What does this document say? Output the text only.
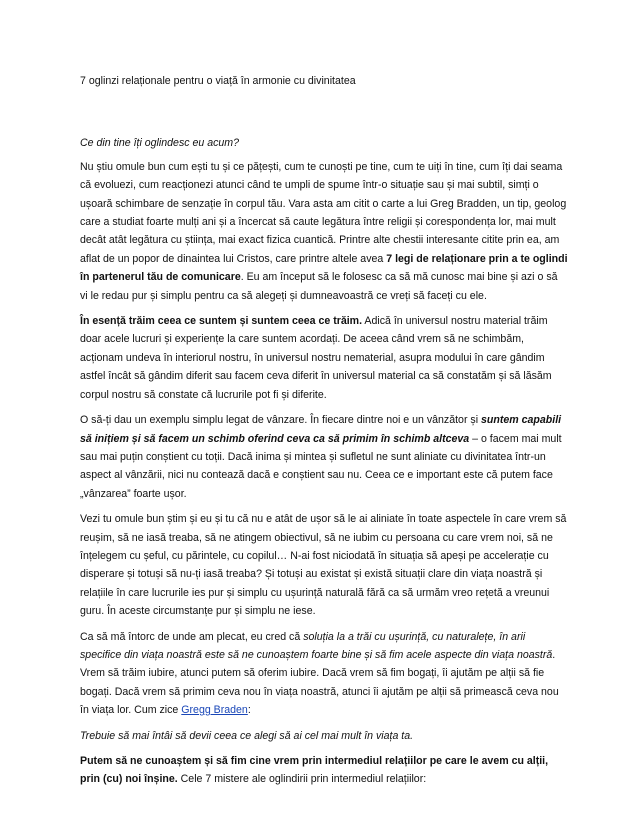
7 oglinzi relaționale pentru o viață în armonie cu divinitatea

Ce din tine îți oglindesc eu acum?

Nu știu omule bun cum ești tu și ce pățești, cum te cunoști pe tine, cum te uiți în tine, cum îți dai seama că evoluezi, cum reacționezi atunci când te umpli de spume într-o situație sau și mai subtil, simți o ușoară schimbare de senzație în corpul tău. Vara asta am citit o carte a lui Greg Bradden, un tip, geolog care a studiat foarte mulți ani și a încercat să caute legătura între religii și corespondența lor, mai mult decât atât legătura cu știința, mai exact fizica cuantică. Printre alte chestii interesante citite prin ea, am aflat de un popor de dinaintea lui Cristos, care printre altele avea 7 legi de relaționare prin a te oglindi în partenerul tău de comunicare. Eu am început să le folosesc ca să mă cunosc mai bine și azi o să vi le redau pur și simplu pentru ca să alegeți și dumneavoastră ce vreți să faceți cu ele.

În esență trăim ceea ce suntem și suntem ceea ce trăim. Adică în universul nostru material trăim doar acele lucruri și experiențe la care suntem acordați. De aceea când vrem să ne schimbăm, acționam undeva în interiorul nostru, în universul nostru nematerial, asupra modului în care gândim astfel încât să gândim diferit sau facem ceva diferit în universul material ca să constatăm și să lăsăm corpul nostru să constate că lucrurile pot fi și diferite.

O să-ți dau un exemplu simplu legat de vânzare. În fiecare dintre noi e un vânzător și suntem capabili să inițiem și să facem un schimb oferind ceva ca să primim în schimb altceva – o facem mai mult sau mai puțin conștient cu toții. Dacă inima și mintea și sufletul ne sunt aliniate cu divinitatea într-un aspect al vânzării, nici nu contează dacă e conștient sau nu. Ceea ce e important este că putem face „vânzarea” foarte ușor.

Vezi tu omule bun știm și eu și tu că nu e atât de ușor să le ai aliniate în toate aspectele în care vrem să reușim, să ne iasă treaba, să ne atingem obiectivul, să ne iubim cu persoana cu care vrem noi, să ne înțelegem cu șeful, cu părintele, cu copilul… N-ai fost niciodată în situația să apeși pe accelerație cu disperare și totuși să nu-ți iasă treaba? Și totuși au existat și există situații clare din viața noastră și relațiile în care lucrurile ies pur și simplu cu ușurință naturală fără ca să urmăm vreo rețetă a vreunui guru. În aceste circumstanțe pur și simplu ne iese.

Ca să mă întorc de unde am plecat, eu cred că soluția la a trăi cu ușurință, cu naturalețe, în arii specifice din viața noastră este să ne cunoaștem foarte bine și să fim acele aspecte din viața noastră. Vrem să trăim iubire, atunci putem să oferim iubire. Dacă vrem să fim bogați, îi ajutăm pe alții să fie bogați. Dacă vrem să primim ceva nou în viața noastră, atunci îi ajutăm pe alții să primească ceva nou în viața lor. Cum zice Gregg Braden:

Trebuie să mai întâi să devii ceea ce alegi să ai cel mai mult în viața ta.

Putem să ne cunoaștem și să fim cine vrem prin intermediul relațiilor pe care le avem cu alții, prin (cu) noi înșine. Cele 7 mistere ale oglindirii prin intermediul relațiilor:
